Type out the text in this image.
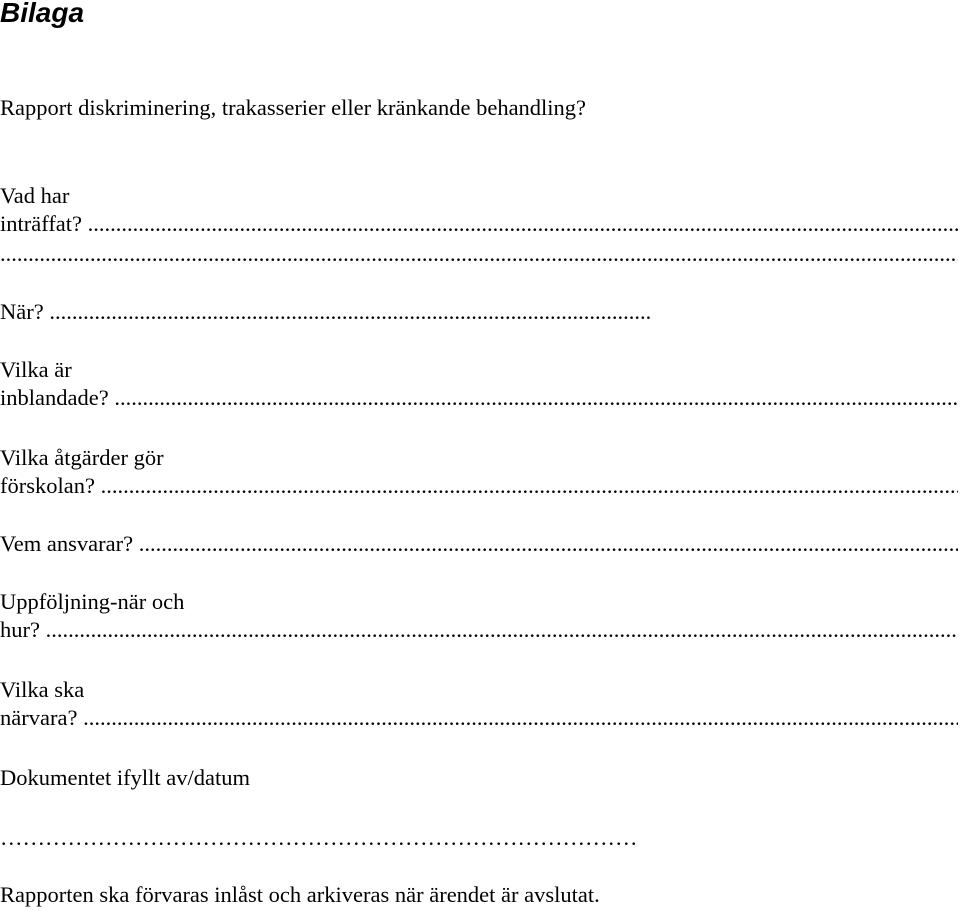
Bilaga

Rapport diskriminering, trakasserier eller kränkande behandling?

Vad har

inträffat? .....
.....
När? .....

Vilka är

inblandade? .....

Vilka åtgärder gör

förskolan? .....
Vem ansvarar? .....

Uppföljning-när och

hur? .....

Vilka ska

närvara? .....

Dokumentet ifyllt av/datum

……………………………………………………………………………………………………………………………………

Rapporten ska förvaras inlåst och arkiveras när ärendet är avslutat.
